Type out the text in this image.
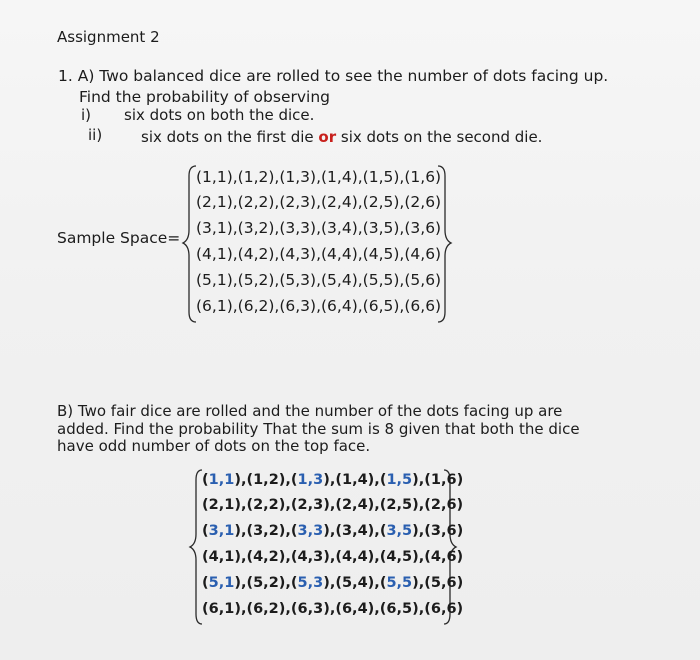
Assignment 2
1. A) Two balanced dice are rolled to see the number of dots facing up.
Find the probability of observing
i) six dots on both the dice.
ii)	six dots on the first die or six dots on the second die.
Sample Space=
(1,1),(1,2),(1,3),(1,4),(1,5),(1,6)
(2,1),(2,2),(2,3),(2,4),(2,5),(2,6)
(3,1),(3,2),(3,3),(3,4),(3,5),(3,6)
(4,1),(4,2),(4,3),(4,4),(4,5),(4,6)
(5,1),(5,2),(5,3),(5,4),(5,5),(5,6)
(6,1),(6,2),(6,3),(6,4),(6,5),(6,6)
B) Two fair dice are rolled and the number of the dots facing up are
added. Find the probability That the sum is 8 given that both the dice
have odd number of dots on the top face.
(1,1),(1,2),(1,3),(1,4),(1,5),(1,6)
(2,1),(2,2),(2,3),(2,4),(2,5),(2,6)
(3,1),(3,2),(3,3),(3,4),(3,5),(3,6)
(4,1),(4,2),(4,3),(4,4),(4,5),(4,6)
(5,1),(5,2),(5,3),(5,4),(5,5),(5,6)
(6,1),(6,2),(6,3),(6,4),(6,5),(6,6)
